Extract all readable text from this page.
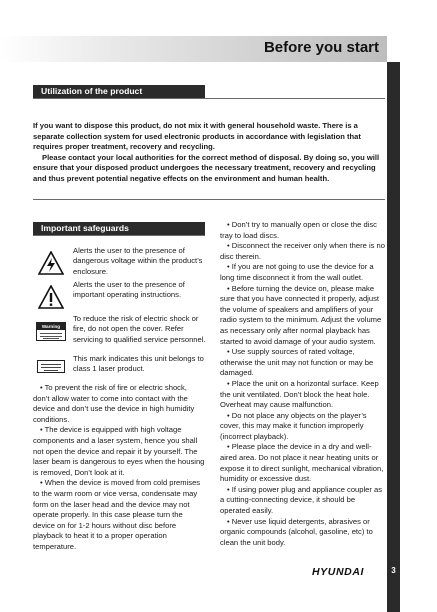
Before you start
Utilization of the product

If you want to dispose this product, do not mix it with general household waste. There is a separate collection system for used electronic products in accordance with legislation that requires proper treatment, recovery and recycling.

Please contact your local authorities for the correct method of disposal. By doing so, you will ensure that your disposed product undergoes the necessary treatment, recovery and recycling and thus prevent potential negative effects on the environment and human health.

Important safeguards
Alerts the user to the presence of dangerous voltage within the product’s enclosure.
Alerts the user to the presence of important operating instructions.
Warning
To reduce the risk of electric shock or fire, do not open the cover. Refer servicing to qualified service personnel.
This mark indicates this unit belongs to class 1 laser product.

• To prevent the risk of fire or electric shock, don’t allow water to come into contact with the device and don’t use the device in high humidity conditions.

• The device is equipped with high voltage components and a laser system, hence you shall not open the device and repair it by yourself. The laser beam is dangerous to eyes when the housing is removed, Don’t look at it.

• When the device is moved from cold premises to the warm room or vice versa, condensate may form on the laser head and the device may not operate properly. In this case please turn the device on for 1-2 hours without disc before playback to heat it to a proper operation temperature.

• Don’t try to manually open or close the disc tray to load discs.

• Disconnect the receiver only when there is no disc therein.

• If you are not going to use the device for a long time disconnect it from the wall outlet.

• Before turning the device on, please make sure that you have connected it properly, adjust the volume of speakers and amplifiers of your radio system to the minimum. Adjust the volume as necessary only after normal playback has started to avoid damage of your audio system.

• Use supply sources of rated voltage, otherwise the unit may not function or may be damaged.

• Place the unit on a horizontal surface. Keep the unit ventilated. Don’t block the heat hole. Overheat may cause malfunction.

• Do not place any objects on the player’s cover, this may make it function improperly (incorrect playback).

• Please place the device in a dry and well-aired area. Do not place it near heating units or expose it to direct sunlight, mechanical vibration, humidity or excessive dust.

• If using power plug and appliance coupler as a cutting-connecting device, it should be operated easily.

• Never use liquid detergents, abrasives or organic compounds (alcohol, gasoline, etc) to clean the unit body.

HYUNDAI	3
